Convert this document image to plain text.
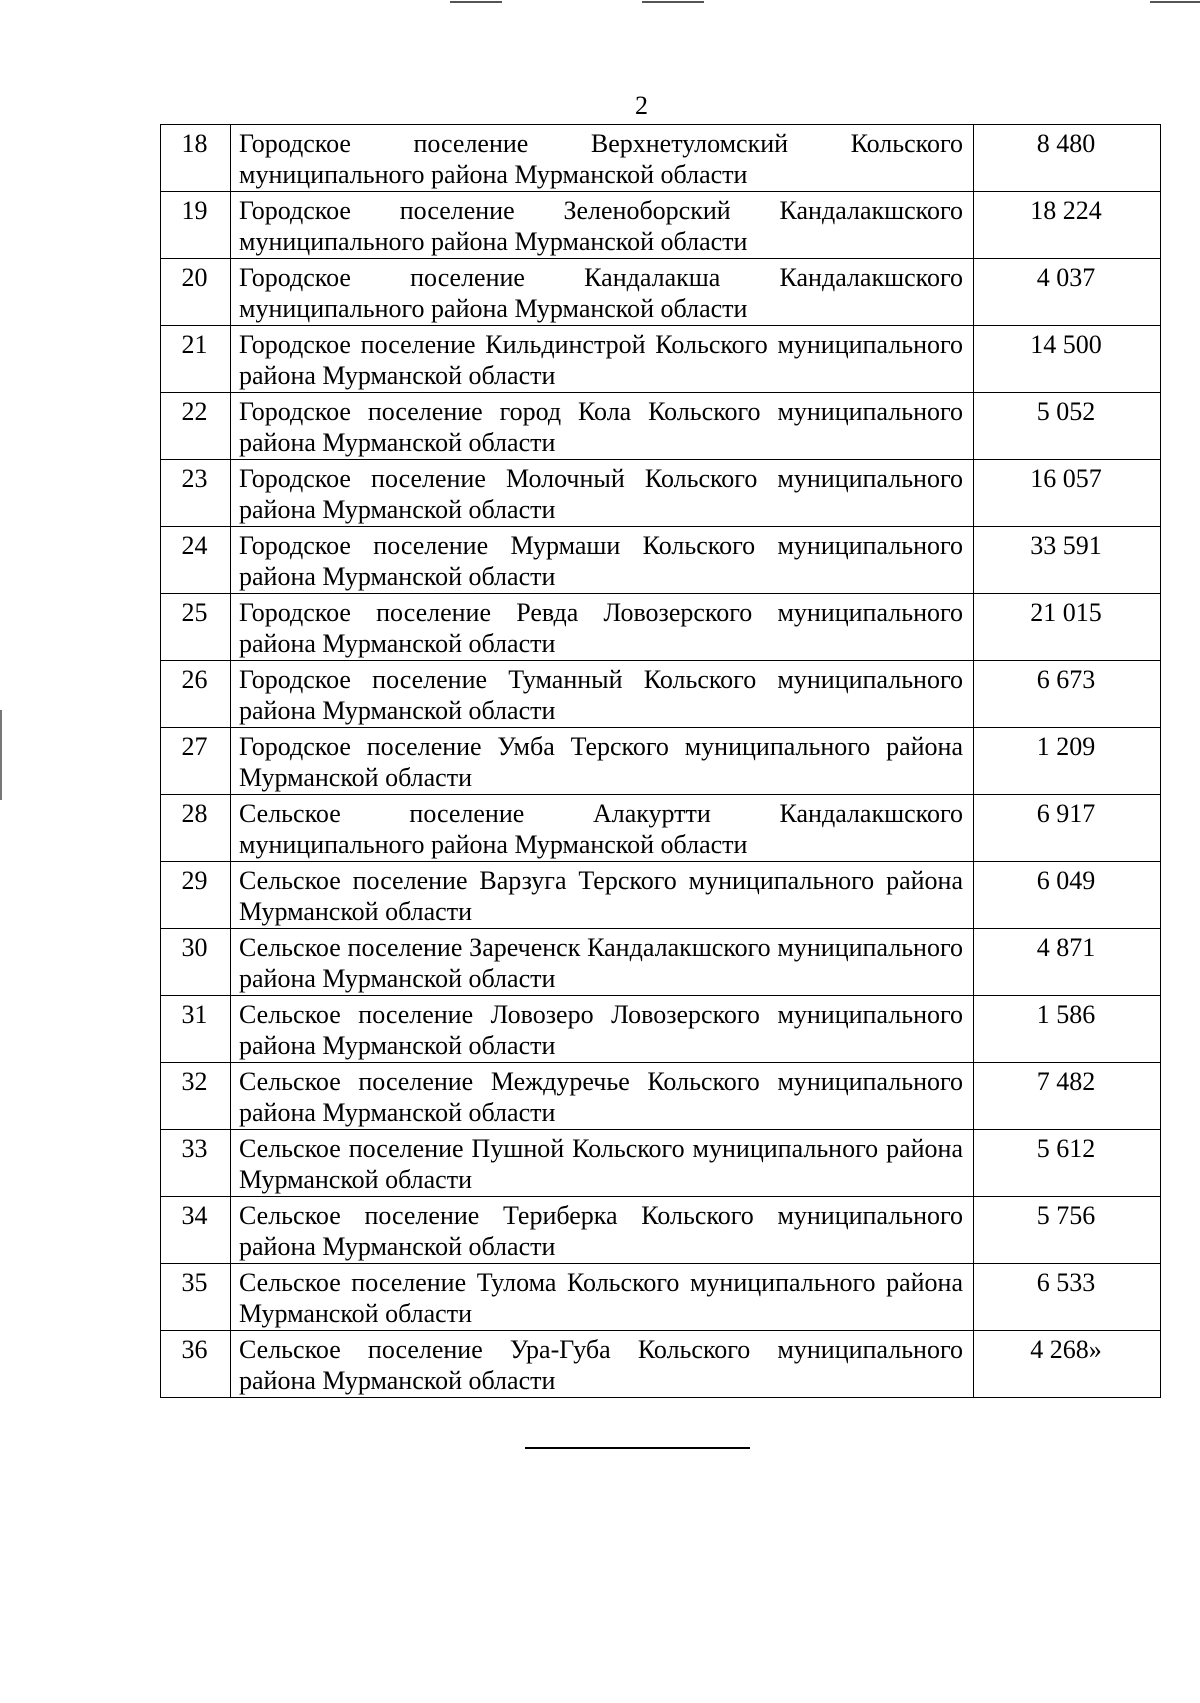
2
18	Городское поселение Верхнетуломский Кольского муниципального района Мурманской области	8 480
19	Городское поселение Зеленоборский Кандалакшского муниципального района Мурманской области	18 224
20	Городское поселение Кандалакша Кандалакшского муниципального района Мурманской области	4 037
21	Городское поселение Кильдинстрой Кольского муниципального района Мурманской области	14 500
22	Городское поселение город Кола Кольского муниципального района Мурманской области	5 052
23	Городское поселение Молочный Кольского муниципального района Мурманской области	16 057
24	Городское поселение Мурмаши Кольского муниципального района Мурманской области	33 591
25	Городское поселение Ревда Ловозерского муниципального района Мурманской области	21 015
26	Городское поселение Туманный Кольского муниципального района Мурманской области	6 673
27	Городское поселение Умба Терского муниципального района Мурманской области	1 209
28	Сельское поселение Алакуртти Кандалакшского муниципального района Мурманской области	6 917
29	Сельское поселение Варзуга Терского муниципального района Мурманской области	6 049
30	Сельское поселение Зареченск Кандалакшского муниципального района Мурманской области	4 871
31	Сельское поселение Ловозеро Ловозерского муниципального района Мурманской области	1 586
32	Сельское поселение Междуречье Кольского муниципального района Мурманской области	7 482
33	Сельское поселение Пушной Кольского муниципального района Мурманской области	5 612
34	Сельское поселение Териберка Кольского муниципального района Мурманской области	5 756
35	Сельское поселение Тулома Кольского муниципального района Мурманской области	6 533
36	Сельское поселение Ура-Губа Кольского муниципального района Мурманской области	4 268»
